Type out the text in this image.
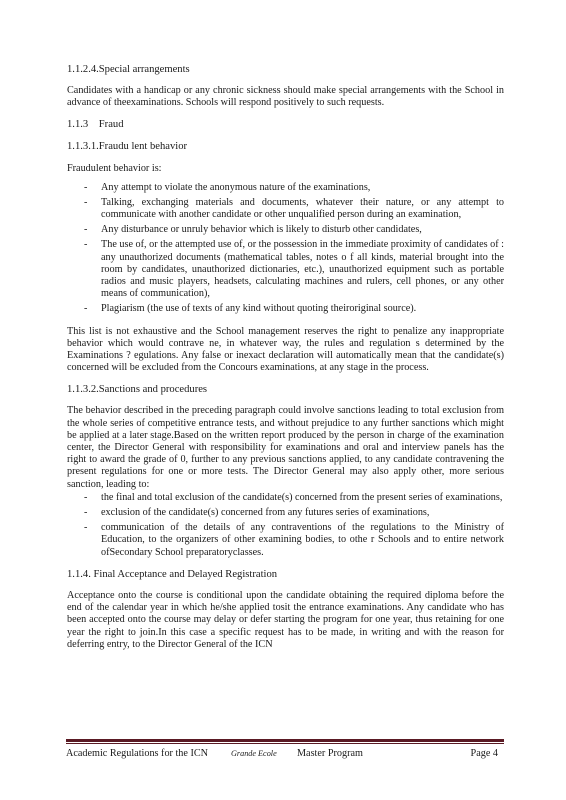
1.1.2.4.Special arrangements

Candidates with a handicap or any chronic sickness should make special arrangements with the School in advance of theexaminations. Schools will respond positively to such requests.

1.1.3    Fraud
1.1.3.1.Fraudu lent behavior

Fraudulent behavior is:

- Any attempt to violate the anonymous nature of the examinations,
- Talking, exchanging materials and documents, whatever their nature, or any attempt to communicate with another candidate or other unqualified person during an examination,
- Any disturbance or unruly behavior which is likely to disturb other candidates,
- The use of, or the attempted use of, or the possession in the immediate proximity of candidates of : any unauthorized documents (mathematical tables, notes o f all kinds, material brought into the room by candidates, unauthorized dictionaries, etc.), unauthorized equipment such as portable radios and music players, headsets, calculating machines and rulers, cell phones, or any other means of communication),
- Plagiarism (the use of texts of any kind without quoting theiroriginal source).

This list is not exhaustive and the School management reserves the right to penalize any inappropriate behavior which would contrave ne, in whatever way, the rules and regulation s determined by the Examinations ? egulations. Any false or inexact declaration will automatically mean that the candidate(s) concerned will be excluded from the Concours examinations, at any stage in the process.

1.1.3.2.Sanctions and procedures

The behavior described in the preceding paragraph could involve sanctions leading to total exclusion from the whole series of competitive entrance tests, and without prejudice to any further sanctions which might be applied at a later stage.Based on the written report produced by the person in charge of the examination center, the Director General with responsibility for examinations and oral and interview panels has the right to award the grade of 0, further to any previous sanctions applied, to any candidate contravening the present regulations for one or more tests. The Director General may also apply other, more serious sanction, leading to:

- the final and total exclusion of the candidate(s) concerned from the present series of examinations,
- exclusion of the candidate(s) concerned from any futures series of examinations,
- communication of the details of any contraventions of the regulations to the Ministry of Education, to the organizers of other examining bodies, to othe r Schools and to entire network ofSecondary School preparatoryclasses.
1.1.4. Final Acceptance and Delayed Registration

Acceptance onto the course is conditional upon the candidate obtaining the required diploma before the end of the calendar year in which he/she applied tosit the entrance examinations. Any candidate who has been accepted onto the course may delay or defer starting the program for one year, thus retaining for one year the right to join.In this case a specific request has to be made, in writing and with the reason for deferring entry, to the Director General of the ICN

Academic Regulations for the ICN	Grande Ecole Master Program	Page 4
